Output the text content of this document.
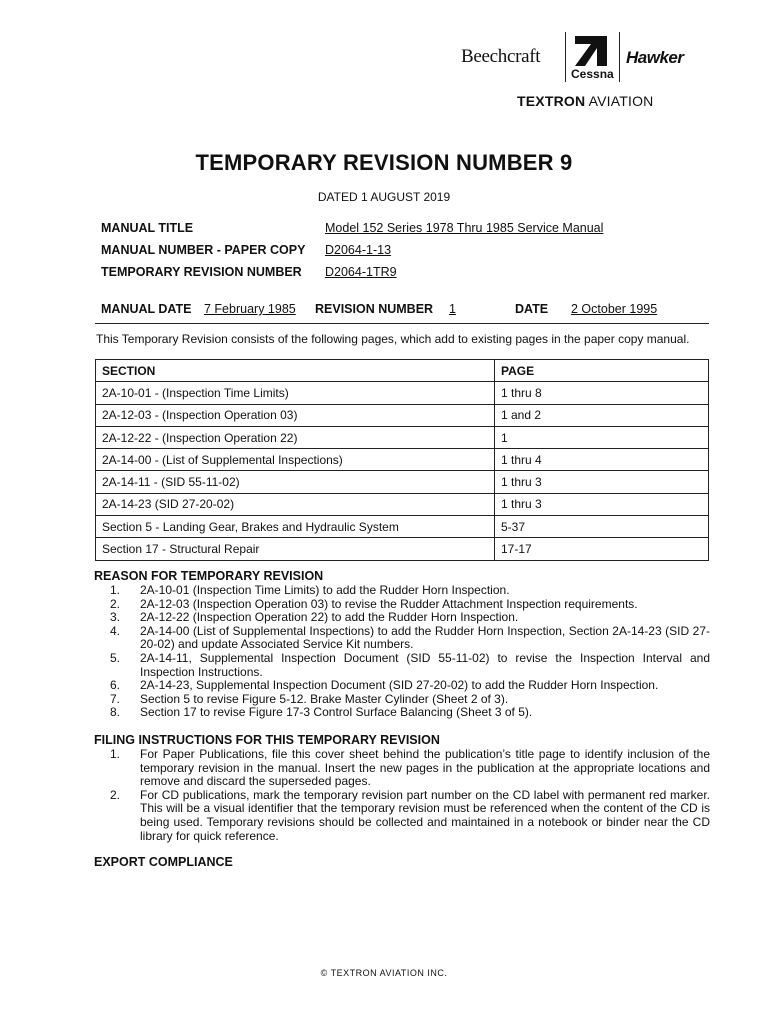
Beechcraft
Cessna
Hawker
TEXTRON AVIATION
TEMPORARY REVISION NUMBER 9
DATED 1 AUGUST 2019
MANUAL TITLE	Model 152 Series 1978 Thru 1985 Service Manual
MANUAL NUMBER - PAPER COPY D2064-1-13
TEMPORARY REVISION NUMBER D2064-1TR9
MANUAL DATE 7 February 1985 REVISION NUMBER 1	DATE 2 October 1995
This Temporary Revision consists of the following pages, which add to existing pages in the paper copy manual.
SECTION	PAGE
2A-10-01 - (Inspection Time Limits)	1 thru 8
2A-12-03 - (Inspection Operation 03)	1 and 2
2A-12-22 - (Inspection Operation 22)	1
2A-14-00 - (List of Supplemental Inspections)	1 thru 4
2A-14-11 - (SID 55-11-02)	1 thru 3
2A-14-23 (SID 27-20-02)	1 thru 3
Section 5 - Landing Gear, Brakes and Hydraulic System	5-37
Section 17 - Structural Repair	17-17
REASON FOR TEMPORARY REVISION
1. 2A-10-01 (Inspection Time Limits) to add the Rudder Horn Inspection.
2. 2A-12-03 (Inspection Operation 03) to revise the Rudder Attachment Inspection requirements.
3. 2A-12-22 (Inspection Operation 22) to add the Rudder Horn Inspection.
4. 2A-14-00 (List of Supplemental Inspections) to add the Rudder Horn Inspection, Section 2A-14-23 (SID 27-20-02) and update Associated Service Kit numbers.
5. 2A-14-11, Supplemental Inspection Document (SID 55-11-02) to revise the Inspection Interval and Inspection Instructions.
6. 2A-14-23, Supplemental Inspection Document (SID 27-20-02) to add the Rudder Horn Inspection.
7. Section 5 to revise Figure 5-12. Brake Master Cylinder (Sheet 2 of 3).
8. Section 17 to revise Figure 17-3 Control Surface Balancing (Sheet 3 of 5).
FILING INSTRUCTIONS FOR THIS TEMPORARY REVISION
1. For Paper Publications, file this cover sheet behind the publication’s title page to identify inclusion of the temporary revision in the manual. Insert the new pages in the publication at the appropriate locations and remove and discard the superseded pages.
2. For CD publications, mark the temporary revision part number on the CD label with permanent red marker. This will be a visual identifier that the temporary revision must be referenced when the content of the CD is being used. Temporary revisions should be collected and maintained in a notebook or binder near the CD library for quick reference.
EXPORT COMPLIANCE
© TEXTRON AVIATION INC.
